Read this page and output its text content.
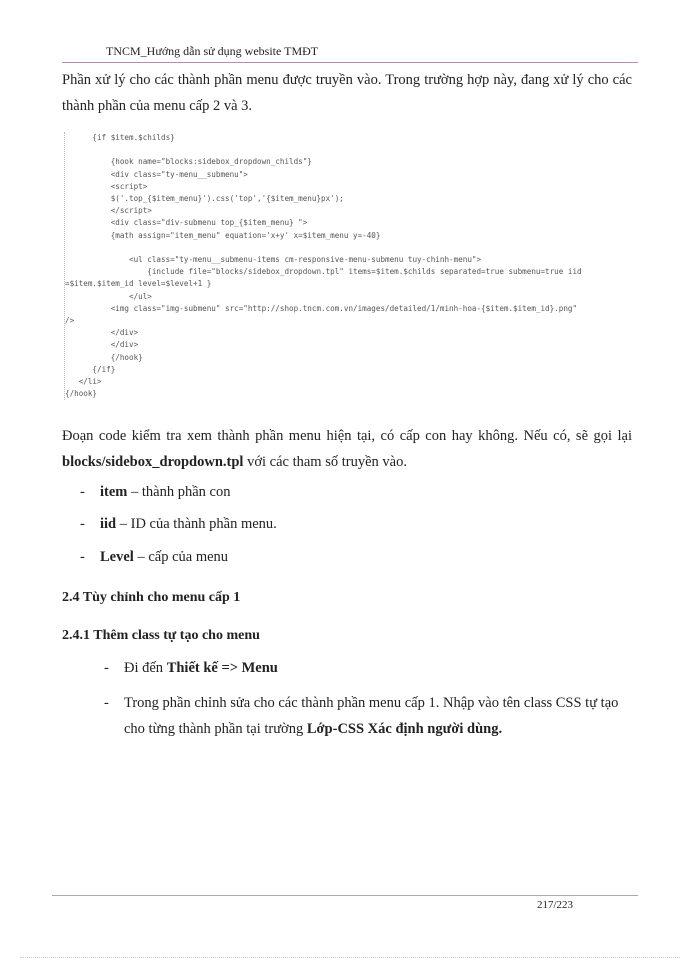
TNCM_Hướng dẫn sử dụng website TMĐT
Phần xử lý cho các thành phần menu được truyền vào. Trong trường hợp này, đang xử lý cho các thành phần của menu cấp 2 và 3.
{if $item.$childs}
{hook name="blocks:sidebox_dropdown_childs"}
<div class="ty-menu__submenu">
<script>
$('.top_{$item_menu}').css('top','{$item_menu}px');
</script>
<div class="div-submenu top_{$item_menu} ">
{math assign="item_menu" equation='x+y' x=$item_menu y=-40}
<ul class="ty-menu__submenu-items cm-responsive-menu-submenu tuy-chinh-menu">
{include file="blocks/sidebox_dropdown.tpl" items=$item.$childs separated=true submenu=true iid
=$item.$item_id level=$level+1 }
</ul>
<img class="img-submenu" src="http://shop.tncm.com.vn/images/detailed/1/minh-hoa-{$item.$item_id}.png"
/>
</div>
</div>
{/hook}
{/if}
</li>
{/hook}
Đoạn code kiểm tra xem thành phần menu hiện tại, có cấp con hay không. Nếu có, sẽ gọi lại blocks/sidebox_dropdown.tpl với các tham số truyền vào.
- item – thành phần con
- iid – ID của thành phần menu.
- Level – cấp của menu
2.4 Tùy chỉnh cho menu cấp 1
2.4.1 Thêm class tự tạo cho menu
- Đi đến Thiết kế => Menu
-	Trong phần chỉnh sửa cho các thành phần menu cấp 1. Nhập vào tên class CSS tự tạo cho từng thành phần tại trường Lớp-CSS Xác định người dùng.
217/223
